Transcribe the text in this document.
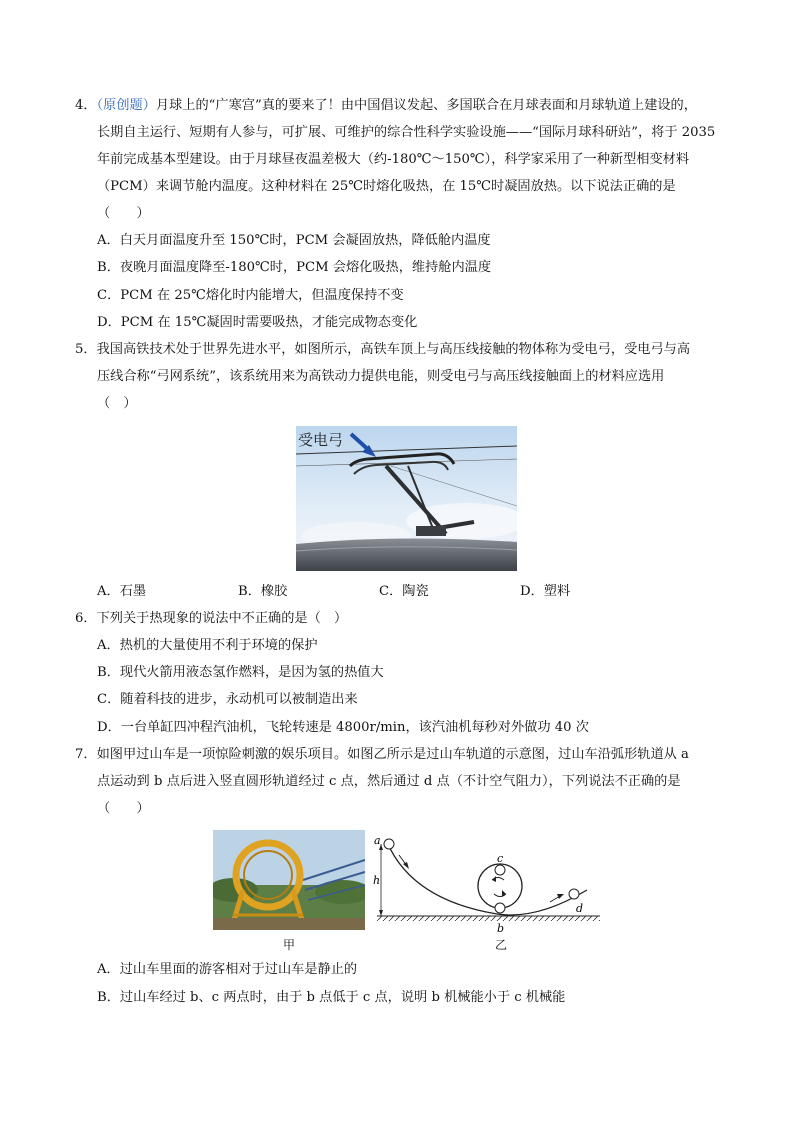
4．（原创题）月球上的“广寒宫”真的要来了！由中国倡议发起、多国联合在月球表面和月球轨道上建设的，
长期自主运行、短期有人参与，可扩展、可维护的综合性科学实验设施——“国际月球科研站”，将于 2035
年前完成基本型建设。由于月球昼夜温差极大（约-180℃～150℃），科学家采用了一种新型相变材料
（PCM）来调节舱内温度。这种材料在 25℃时熔化吸热，在 15℃时凝固放热。以下说法正确的是
（　　）
A．白天月面温度升至 150℃时，PCM 会凝固放热，降低舱内温度
B．夜晚月面温度降至-180℃时，PCM 会熔化吸热，维持舱内温度
C．PCM 在 25℃熔化时内能增大，但温度保持不变
D．PCM 在 15℃凝固时需要吸热，才能完成物态变化
5．我国高铁技术处于世界先进水平，如图所示，高铁车顶上与高压线接触的物体称为受电弓，受电弓与高
压线合称“弓网系统”，该系统用来为高铁动力提供电能，则受电弓与高压线接触面上的材料应选用
（　）
受电弓
A．石墨	B．橡胶	C．陶瓷	D．塑料
6．下列关于热现象的说法中不正确的是（　）
A．热机的大量使用不利于环境的保护
B．现代火箭用液态氢作燃料，是因为氢的热值大
C．随着科技的进步，永动机可以被制造出来
D．一台单缸四冲程汽油机，飞轮转速是 4800r/min，该汽油机每秒对外做功 40 次
7．如图甲过山车是一项惊险刺激的娱乐项目。如图乙所示是过山车轨道的示意图，过山车沿弧形轨道从 a
点运动到 b 点后进入竖直圆形轨道经过 c 点，然后通过 d 点（不计空气阻力），下列说法不正确的是
（　　）
甲
a
h
c
b
d
乙
A．过山车里面的游客相对于过山车是静止的
B．过山车经过 b、c 两点时，由于 b 点低于 c 点，说明 b 机械能小于 c 机械能
